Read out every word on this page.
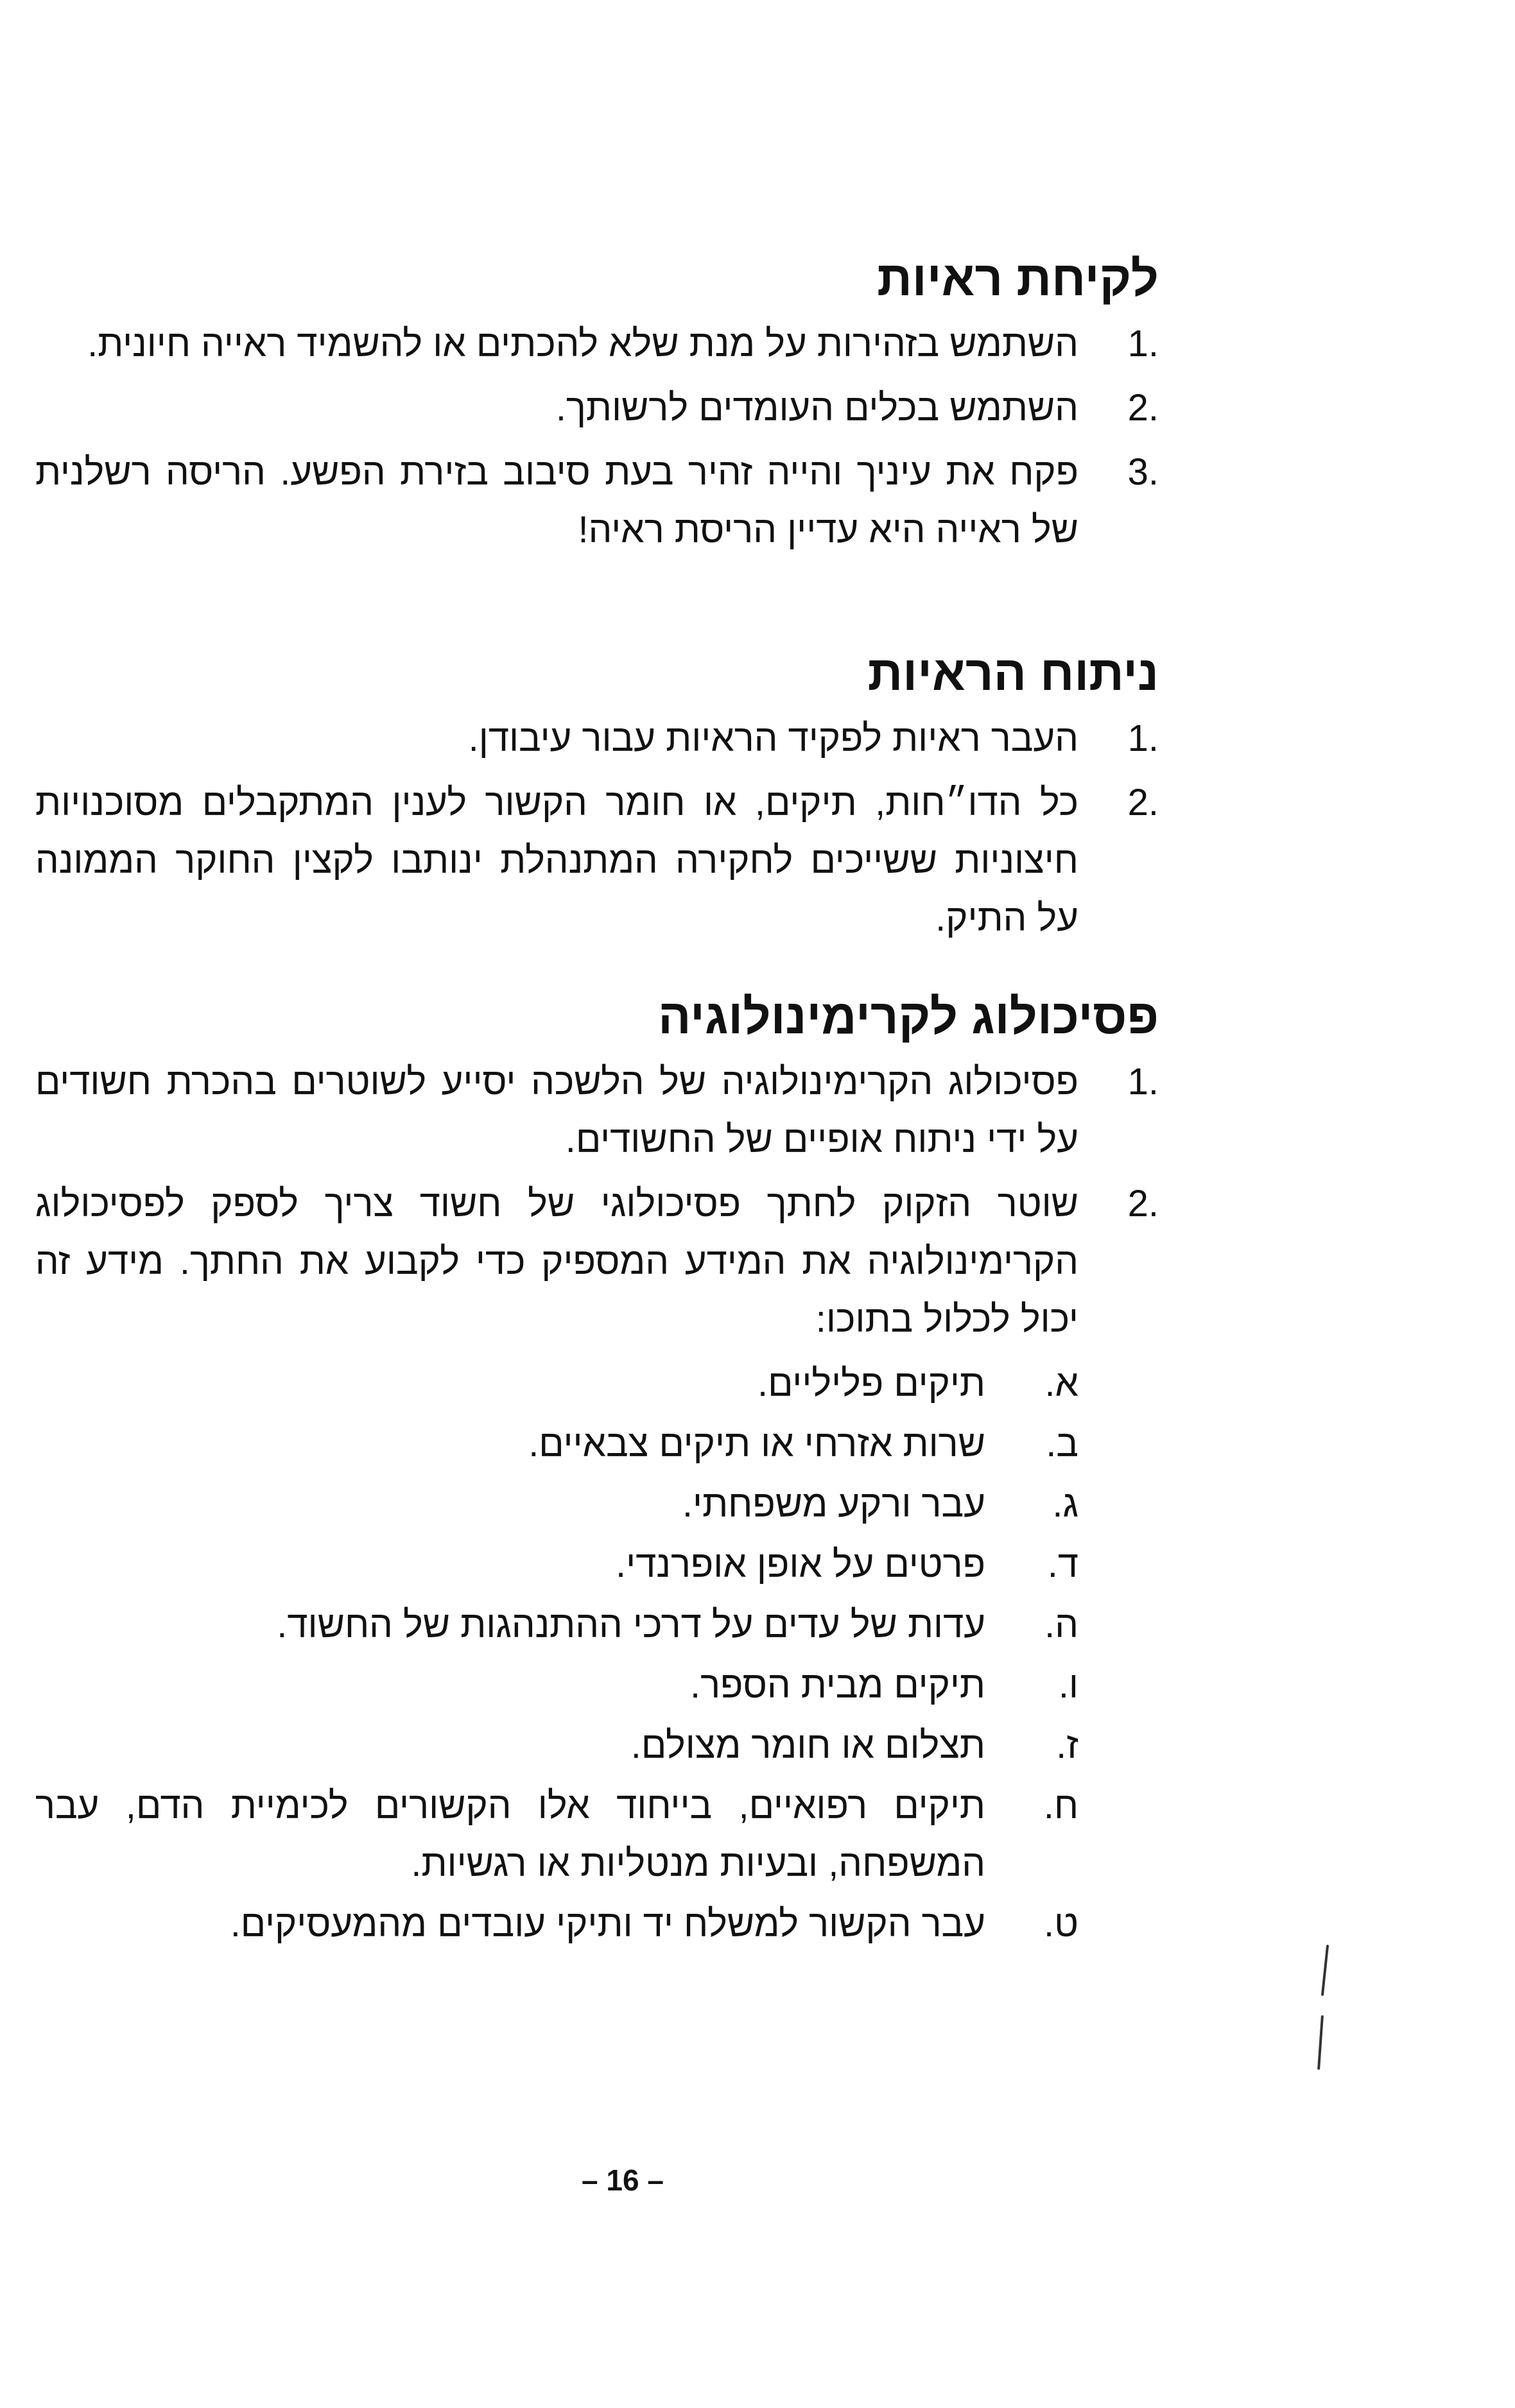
לקיחת ראיות
1.
השתמש בזהירות על מנת שלא להכתים או להשמיד ראייה חיונית.
2.
השתמש בכלים העומדים לרשותך.
3.
פקח את עיניך והייה זהיר בעת סיבוב בזירת הפשע. הריסה רשלנית של ראייה היא עדיין הריסת ראיה!
ניתוח הראיות
1.
העבר ראיות לפקיד הראיות עבור עיבודן.
2.
כל הדו״חות, תיקים, או חומר הקשור לענין המתקבלים מסוכנויות חיצוניות ששייכים לחקירה המתנהלת ינותבו לקצין החוקר הממונה על התיק.
פסיכולוג לקרימינולוגיה
1.
פסיכולוג הקרימינולוגיה של הלשכה יסייע לשוטרים בהכרת חשודים על ידי ניתוח אופיים של החשודים.
2.
שוטר הזקוק לחתך פסיכולוגי של חשוד צריך לספק לפסיכולוג הקרימינולוגיה את המידע המספיק כדי לקבוע את החתך. מידע זה יכול לכלול בתוכו:
א.
תיקים פליליים.
ב.
שרות אזרחי או תיקים צבאיים.
ג.
עבר ורקע משפחתי.
ד.
פרטים על אופן אופרנדי.
ה.
עדות של עדים על דרכי ההתנהגות של החשוד.
ו.
תיקים מבית הספר.
ז.
תצלום או חומר מצולם.
ח.
תיקים רפואיים, בייחוד אלו הקשורים לכימיית הדם, עבר המשפחה, ובעיות מנטליות או רגשיות.
ט.
עבר הקשור למשלח יד ותיקי עובדים מהמעסיקים.
– 16 –
